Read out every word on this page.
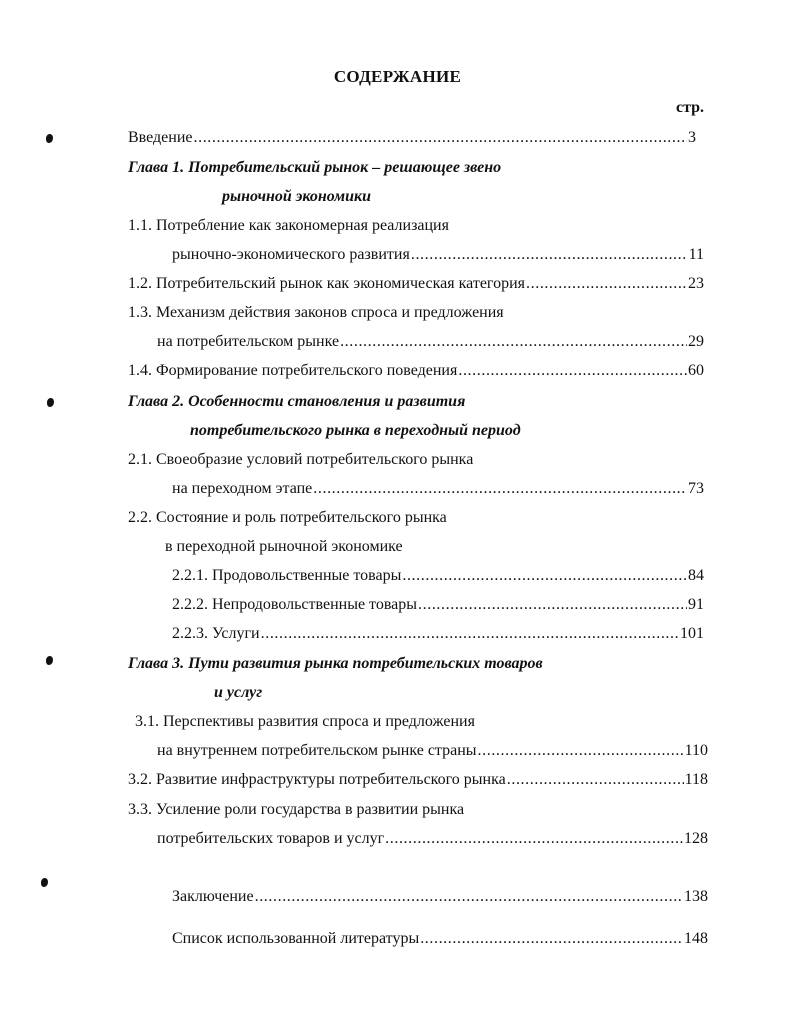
СОДЕРЖАНИЕ
стр.
Введение .....	3
Глава 1. Потребительский рынок – решающее звено
рыночной экономики
1.1. Потребление как закономерная реализация
рыночно-экономического развития .....	11
1.2. Потребительский рынок как экономическая категория .....	23
1.3. Механизм действия законов спроса и предложения
на потребительском рынке .....	29
1.4. Формирование потребительского поведения .....	60
Глава 2. Особенности становления и развития
потребительского рынка в переходный период
2.1. Своеобразие условий потребительского рынка
на переходном этапе .....	73
2.2. Состояние и роль потребительского рынка
в переходной рыночной экономике
2.2.1. Продовольственные товары .....	84
2.2.2. Непродовольственные товары .....	91
2.2.3. Услуги .....	101
Глава 3. Пути развития рынка потребительских товаров
и услуг
3.1. Перспективы развития спроса и предложения
на внутреннем потребительском рынке страны .....	110
3.2. Развитие инфраструктуры потребительского рынка .....	118
3.3. Усиление роли государства в развитии рынка
потребительских товаров и услуг .....	128
Заключение .....	138
Список использованной литературы .....	148
